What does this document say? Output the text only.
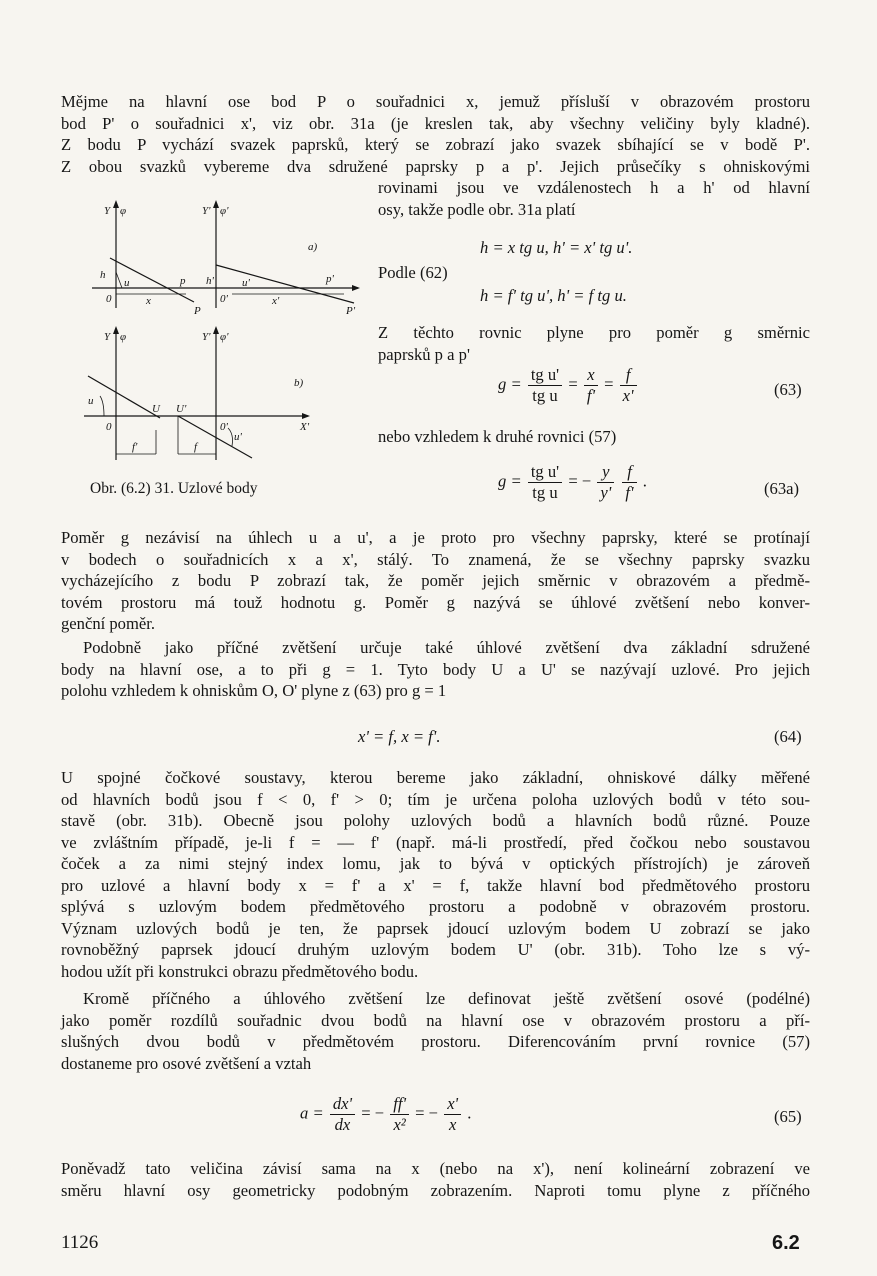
Mějme na hlavní ose bod P o souřadnici x, jemuž přísluší v obrazovém prostoru
bod P' o souřadnici x', viz obr. 31a (je kreslen tak, aby všechny veličiny byly kladné).
Z bodu P vychází svazek paprsků, který se zobrazí jako svazek sbíhající se v bodě P'.
Z obou svazků vybereme dva sdružené paprsky p a p'. Jejich průsečíky s ohniskovými
rovinami jsou ve vzdálenostech h a h' od hlavní
osy, takže podle obr. 31a platí
h = x tg u, h' = x' tg u'.
Podle (62)
h = f' tg u', h' = f tg u.
Z těchto rovnic plyne pro poměr g směrnic
paprsků p a p'
$g = \frac{\text{tg u'}}{\text{tg u}} = \frac{x}{f'} = \frac{f}{x'}$	(63)
nebo vzhledem k druhé rovnici (57)
$g = \frac{\text{tg u'}}{\text{tg u}}$ = − $\frac{y}{y'}$
$\frac{f}{f'}$ .	(63a)
a)
Y φ	Y' φ'
h	h'
u	u'
p	p'
P	P'
0	0'
x	x'
b)
Y φ	Y' φ'
u
U U'
0	0'	X'
f'	f
u'
Obr. (6.2) 31. Uzlové body
Poměr g nezávisí na úhlech u a u', a je proto pro všechny paprsky, které se protínají
v bodech o souřadnicích x a x', stálý. To znamená, že se všechny paprsky svazku
vycházejícího z bodu P zobrazí tak, že poměr jejich směrnic v obrazovém a předmě-
tovém prostoru má touž hodnotu g. Poměr g nazývá se úhlové zvětšení nebo konver-
genční poměr.
Podobně jako příčné zvětšení určuje také úhlové zvětšení dva základní sdružené
body na hlavní ose, a to při g = 1. Tyto body U a U' se nazývají uzlové. Pro jejich
polohu vzhledem k ohniskům O, O' plyne z (63) pro g = 1
x' = f, x = f'.	(64)
U spojné čočkové soustavy, kterou bereme jako základní, ohniskové dálky měřené
od hlavních bodů jsou f < 0, f' > 0; tím je určena poloha uzlových bodů v této sou-
stavě (obr. 31b). Obecně jsou polohy uzlových bodů a hlavních bodů různé. Pouze
ve zvláštním případě, je-li f = — f' (např. má-li prostředí, před čočkou nebo soustavou
čoček a za nimi stejný index lomu, jak to bývá v optických přístrojích) je zároveň
pro uzlové a hlavní body x = f' a x' = f, takže hlavní bod předmětového prostoru
splývá s uzlovým bodem předmětového prostoru a podobně v obrazovém prostoru.
Význam uzlových bodů je ten, že paprsek jdoucí uzlovým bodem U zobrazí se jako
rovnoběžný paprsek jdoucí druhým uzlovým bodem U' (obr. 31b). Toho lze s vý-
hodou užít při konstrukci obrazu předmětového bodu.
Kromě příčného a úhlového zvětšení lze definovat ještě zvětšení osové (podélné)
jako poměr rozdílů souřadnic dvou bodů na hlavní ose v obrazovém prostoru a pří-
slušných dvou bodů v předmětovém prostoru. Diferencováním první rovnice (57)
dostaneme pro osové zvětšení a vztah
$a = \frac{dx'}{dx}$ = − $\frac{ff'}{\text{x²}}$ = − $\frac{x'}{x}$ .	(65)
Poněvadž tato veličina závisí sama na x (nebo na x'), není kolineární zobrazení ve
směru hlavní osy geometricky podobným zobrazením. Naproti tomu plyne z příčného
1126	6.2
